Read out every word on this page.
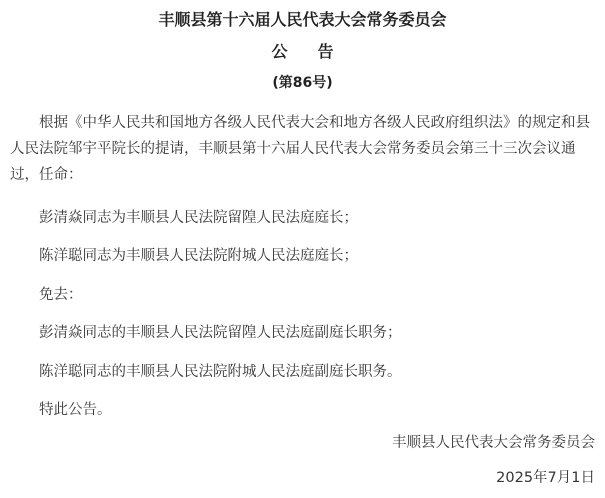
丰顺县第十六届人民代表大会常务委员会
公告
(第86号)
根据《中华人民共和国地方各级人民代表大会和地方各级人民政府组织法》的规定和县人民法院邹宇平院长的提请，丰顺县第十六届人民代表大会常务委员会第三十三次会议通过，任命：
彭清焱同志为丰顺县人民法院留隍人民法庭庭长；
陈洋聪同志为丰顺县人民法院附城人民法庭庭长；
免去：
彭清焱同志的丰顺县人民法院留隍人民法庭副庭长职务；
陈洋聪同志的丰顺县人民法院附城人民法庭副庭长职务。
特此公告。
丰顺县人民代表大会常务委员会
2025年7月1日
